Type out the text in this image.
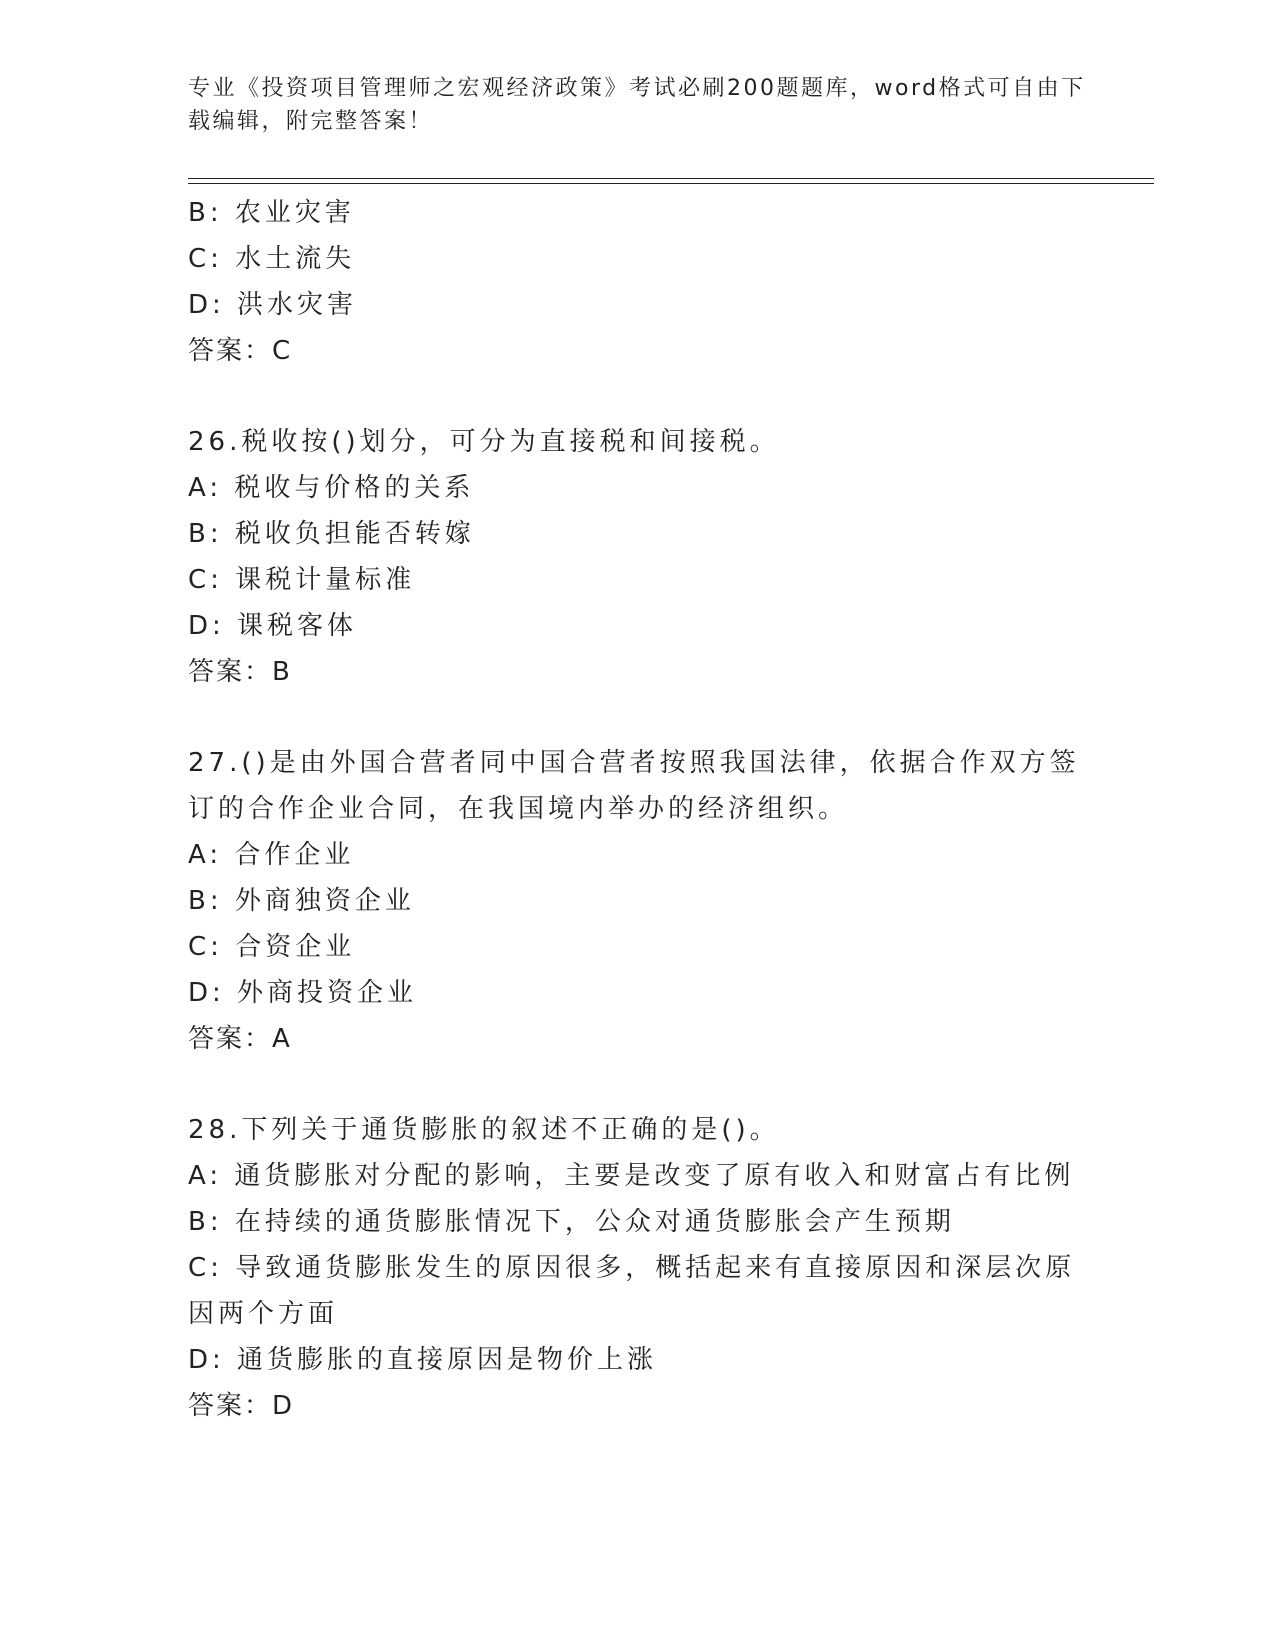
专业《投资项目管理师之宏观经济政策》考试必刷200题题库，word格式可自由下载编辑，附完整答案！
B: 农业灾害
C: 水土流失
D: 洪水灾害
答案：C
26.税收按()划分，可分为直接税和间接税。
A: 税收与价格的关系
B: 税收负担能否转嫁
C: 课税计量标准
D: 课税客体
答案：B
27.()是由外国合营者同中国合营者按照我国法律，依据合作双方签订的合作企业合同，在我国境内举办的经济组织。
A: 合作企业
B: 外商独资企业
C: 合资企业
D: 外商投资企业
答案：A
28.下列关于通货膨胀的叙述不正确的是()。
A: 通货膨胀对分配的影响，主要是改变了原有收入和财富占有比例
B: 在持续的通货膨胀情况下，公众对通货膨胀会产生预期
C: 导致通货膨胀发生的原因很多，概括起来有直接原因和深层次原因两个方面
D: 通货膨胀的直接原因是物价上涨
答案：D
